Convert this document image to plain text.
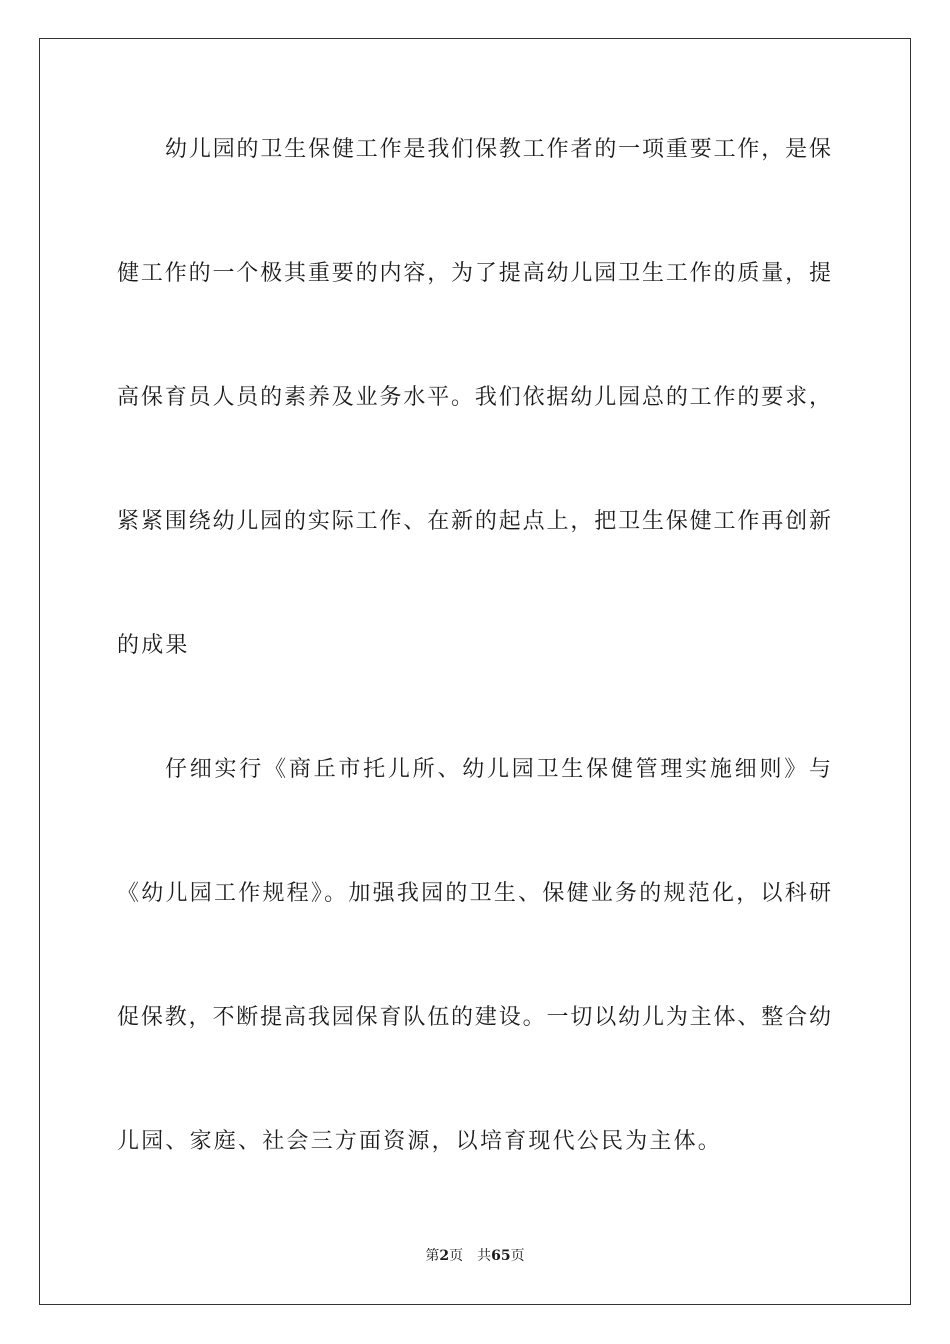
幼儿园的卫生保健工作是我们保教工作者的一项重要工作，是保
健工作的一个极其重要的内容，为了提高幼儿园卫生工作的质量，提
高保育员人员的素养及业务水平。我们依据幼儿园总的工作的要求，
紧紧围绕幼儿园的实际工作、在新的起点上，把卫生保健工作再创新
的成果
仔细实行《商丘市托儿所、幼儿园卫生保健管理实施细则》与
《幼儿园工作规程》。加强我园的卫生、保健业务的规范化，以科研
促保教，不断提高我园保育队伍的建设。一切以幼儿为主体、整合幼
儿园、家庭、社会三方面资源，以培育现代公民为主体。
第2页 共65页
